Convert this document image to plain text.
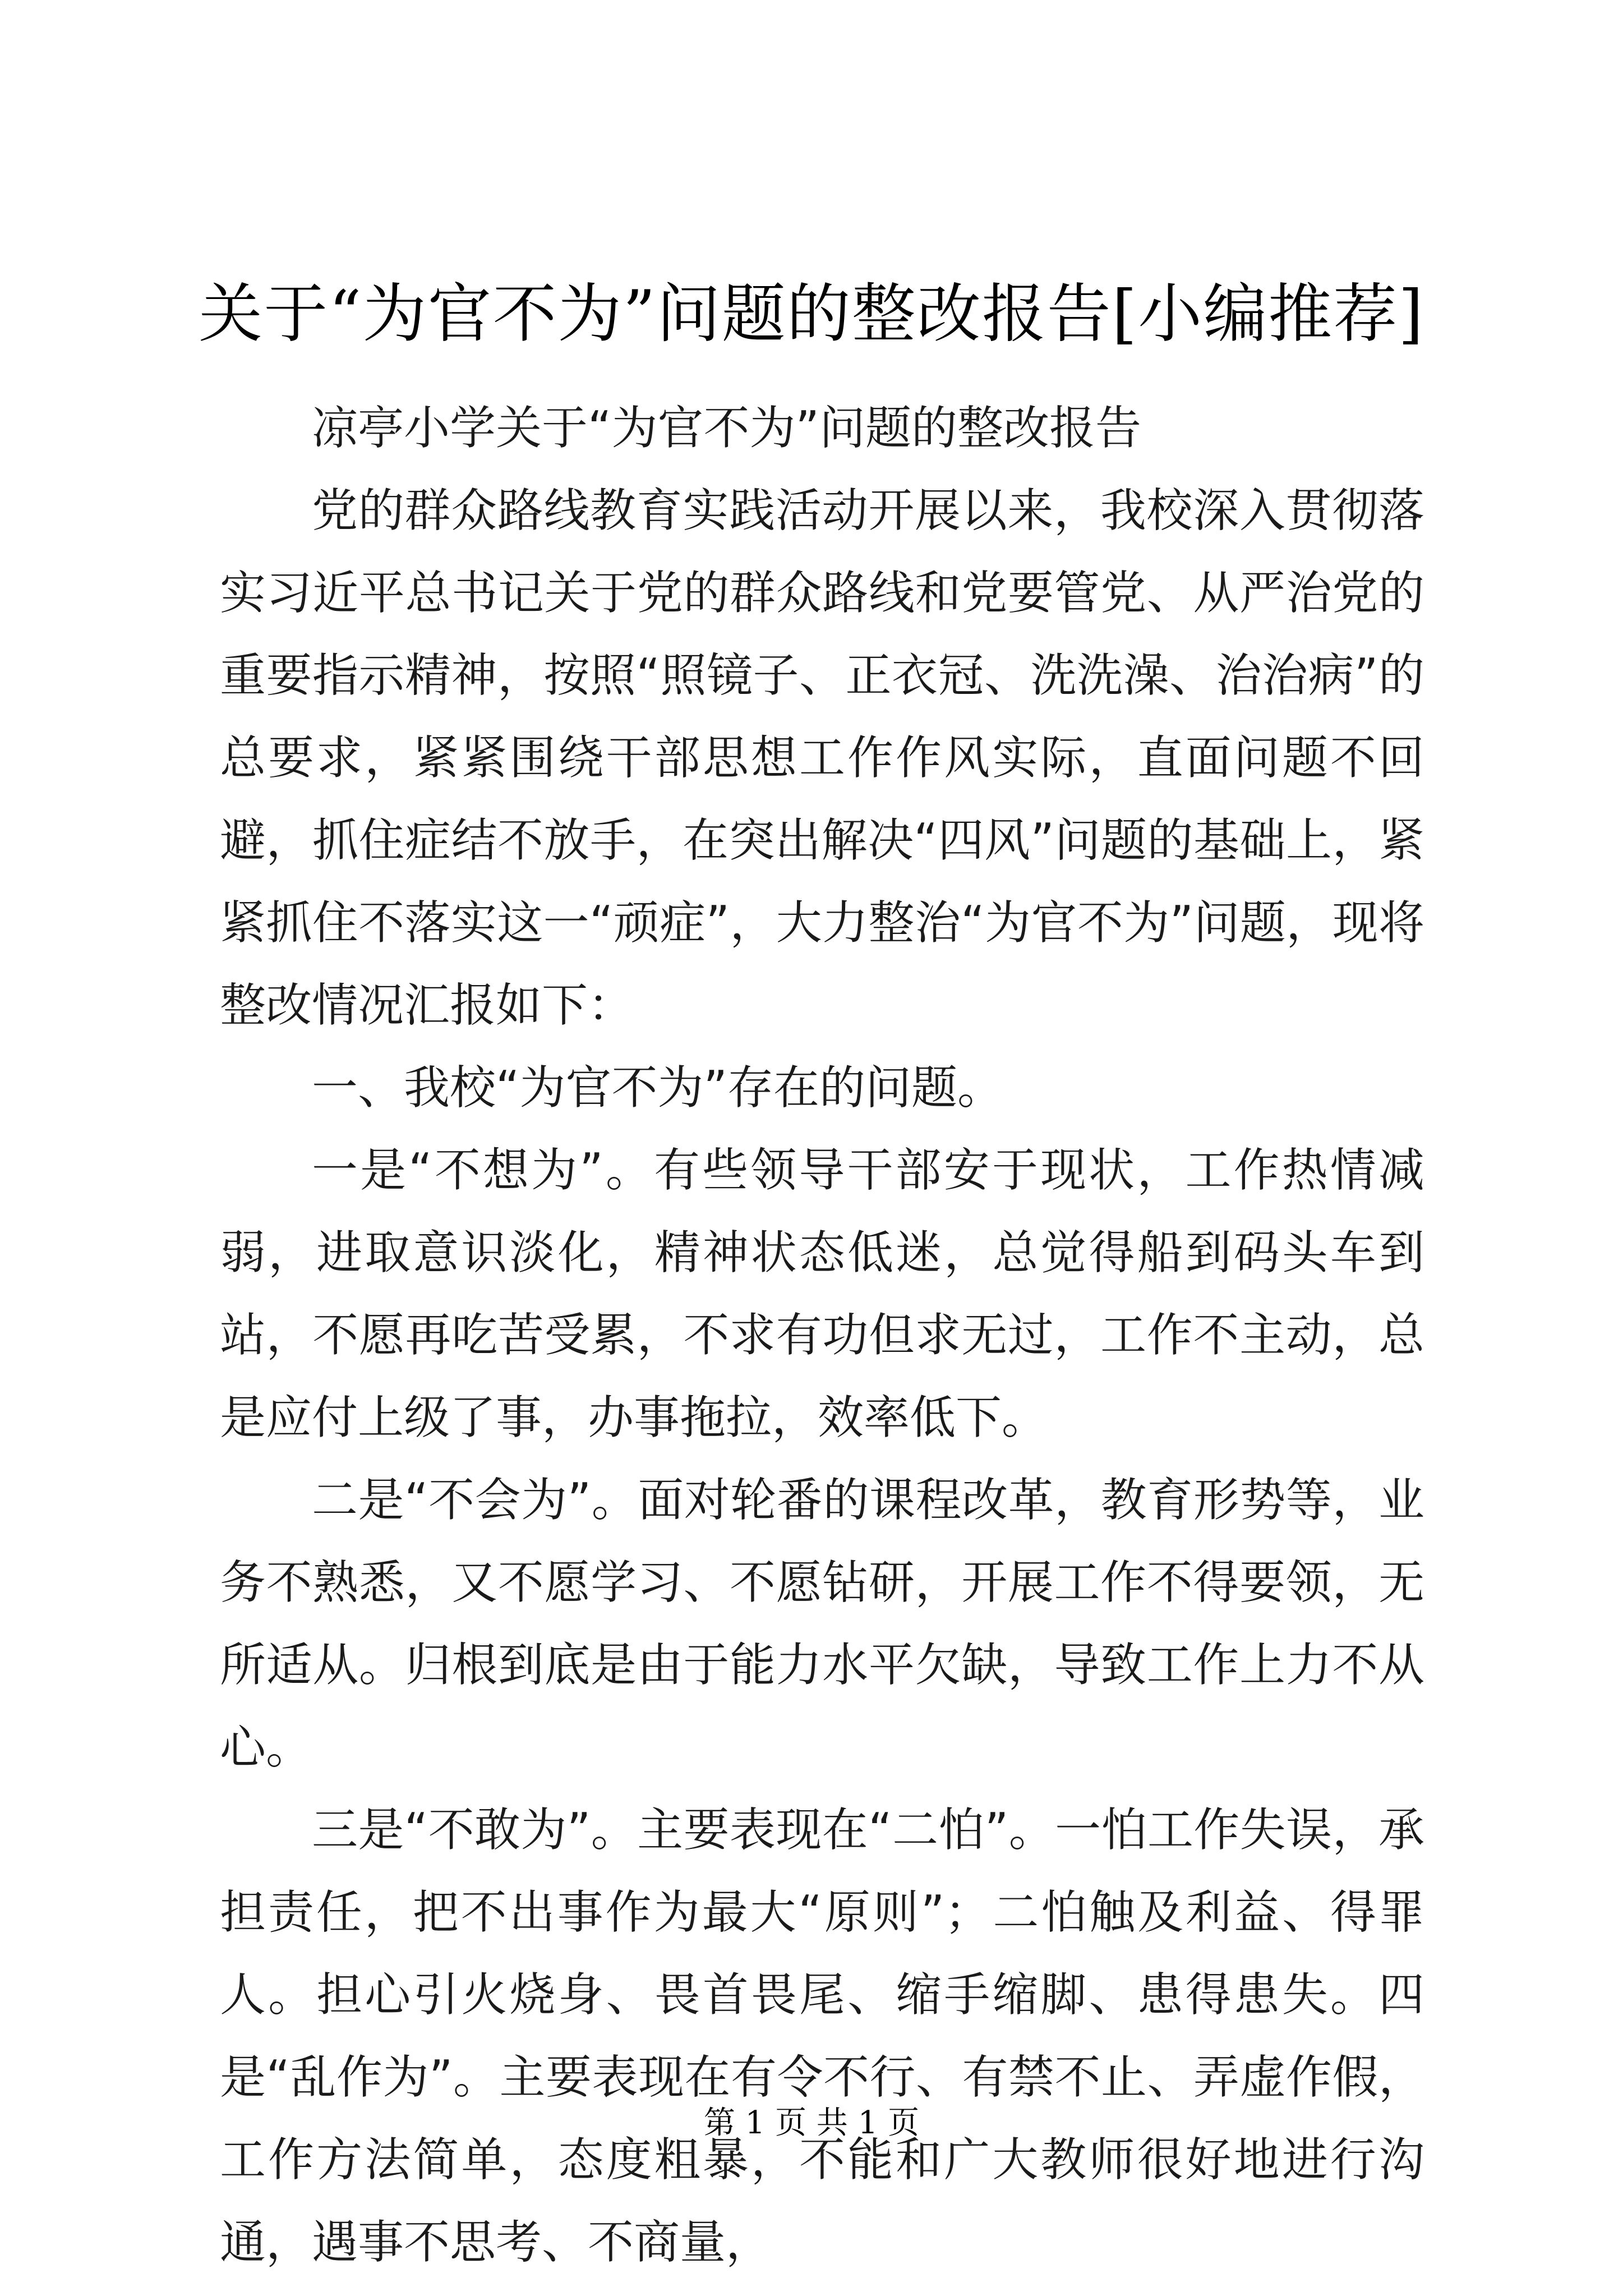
关于“为官不为”问题的整改报告[小编推荐]

凉亭小学关于“为官不为”问题的整改报告

党的群众路线教育实践活动开展以来，我校深入贯彻落实习近平总书记关于党的群众路线和党要管党、从严治党的重要指示精神，按照“照镜子、正衣冠、洗洗澡、治治病”的总要求，紧紧围绕干部思想工作作风实际，直面问题不回避，抓住症结不放手，在突出解决“四风”问题的基础上，紧紧抓住不落实这一“顽症”，大力整治“为官不为”问题，现将整改情况汇报如下：

一、我校“为官不为”存在的问题。

一是“不想为”。有些领导干部安于现状，工作热情减弱，进取意识淡化，精神状态低迷，总觉得船到码头车到站，不愿再吃苦受累，不求有功但求无过，工作不主动，总是应付上级了事，办事拖拉，效率低下。

二是“不会为”。面对轮番的课程改革，教育形势等，业务不熟悉，又不愿学习、不愿钻研，开展工作不得要领，无所适从。归根到底是由于能力水平欠缺，导致工作上力不从心。

三是“不敢为”。主要表现在“二怕”。一怕工作失误，承担责任，把不出事作为最大“原则”；二怕触及利益、得罪人。担心引火烧身、畏首畏尾、缩手缩脚、患得患失。四是“乱作为”。主要表现在有令不行、有禁不止、弄虚作假，工作方法简单，态度粗暴，不能和广大教师很好地进行沟通，遇事不思考、不商量，

第 1 页 共 1 页
